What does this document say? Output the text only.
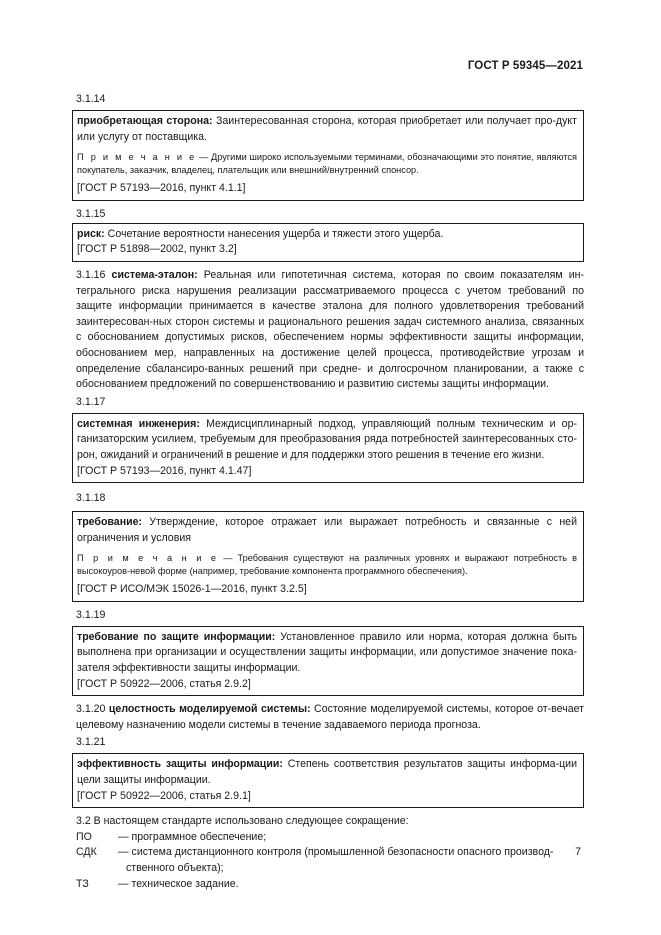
ГОСТ Р 59345—2021
3.1.14

приобретающая сторона: Заинтересованная сторона, которая приобретает или получает про-дукт или услугу от поставщика.

П р и м е ч а н и е — Другими широко используемыми терминами, обозначающими это понятие, являются покупатель, заказчик, владелец, плательщик или внешний/внутренний спонсор.

[ГОСТ Р 57193—2016, пункт 4.1.1]

3.1.15

риск: Сочетание вероятности нанесения ущерба и тяжести этого ущерба.

[ГОСТ Р 51898—2002, пункт 3.2]

3.1.16 система-эталон: Реальная или гипотетичная система, которая по своим показателям ин-тегрального риска нарушения реализации рассматриваемого процесса с учетом требований по защите информации принимается в качестве эталона для полного удовлетворения требований заинтересован-ных сторон системы и рационального решения задач системного анализа, связанных с обоснованием допустимых рисков, обеспечением нормы эффективности защиты информации, обоснованием мер, направленных на достижение целей процесса, противодействие угрозам и определение сбалансиро-ванных решений при средне- и долгосрочном планировании, а также с обоснованием предложений по совершенствованию и развитию системы защиты информации.

3.1.17

системная инженерия: Междисциплинарный подход, управляющий полным техническим и ор-ганизаторским усилием, требуемым для преобразования ряда потребностей заинтересованных сто-рон, ожиданий и ограничений в решение и для поддержки этого решения в течение его жизни.

[ГОСТ Р 57193—2016, пункт 4.1.47]

3.1.18

требование: Утверждение, которое отражает или выражает потребность и связанные с ней ограничения и условия

П р и м е ч а н и е — Требования существуют на различных уровнях и выражают потребность в высокоуров-невой форме (например, требование компонента программного обеспечения).

[ГОСТ Р ИСО/МЭК 15026-1—2016, пункт 3.2.5]

3.1.19

требование по защите информации: Установленное правило или норма, которая должна быть выполнена при организации и осуществлении защиты информации, или допустимое значение пока-зателя эффективности защиты информации.

[ГОСТ Р 50922—2006, статья 2.9.2]

3.1.20 целостность моделируемой системы: Состояние моделируемой системы, которое от-вечает целевому назначению модели системы в течение задаваемого периода прогноза.

3.1.21

эффективность защиты информации: Степень соответствия результатов защиты информа-ции цели защиты информации.

[ГОСТ Р 50922—2006, статья 2.9.1]

3.2 В настоящем стандарте использовано следующее сокращение:

ПО	— программное обеспечение;
СДК	— система дистанционного контроля (промышленной безопасности опасного производ-
ственного объекта);
ТЗ	— техническое задание.
7
